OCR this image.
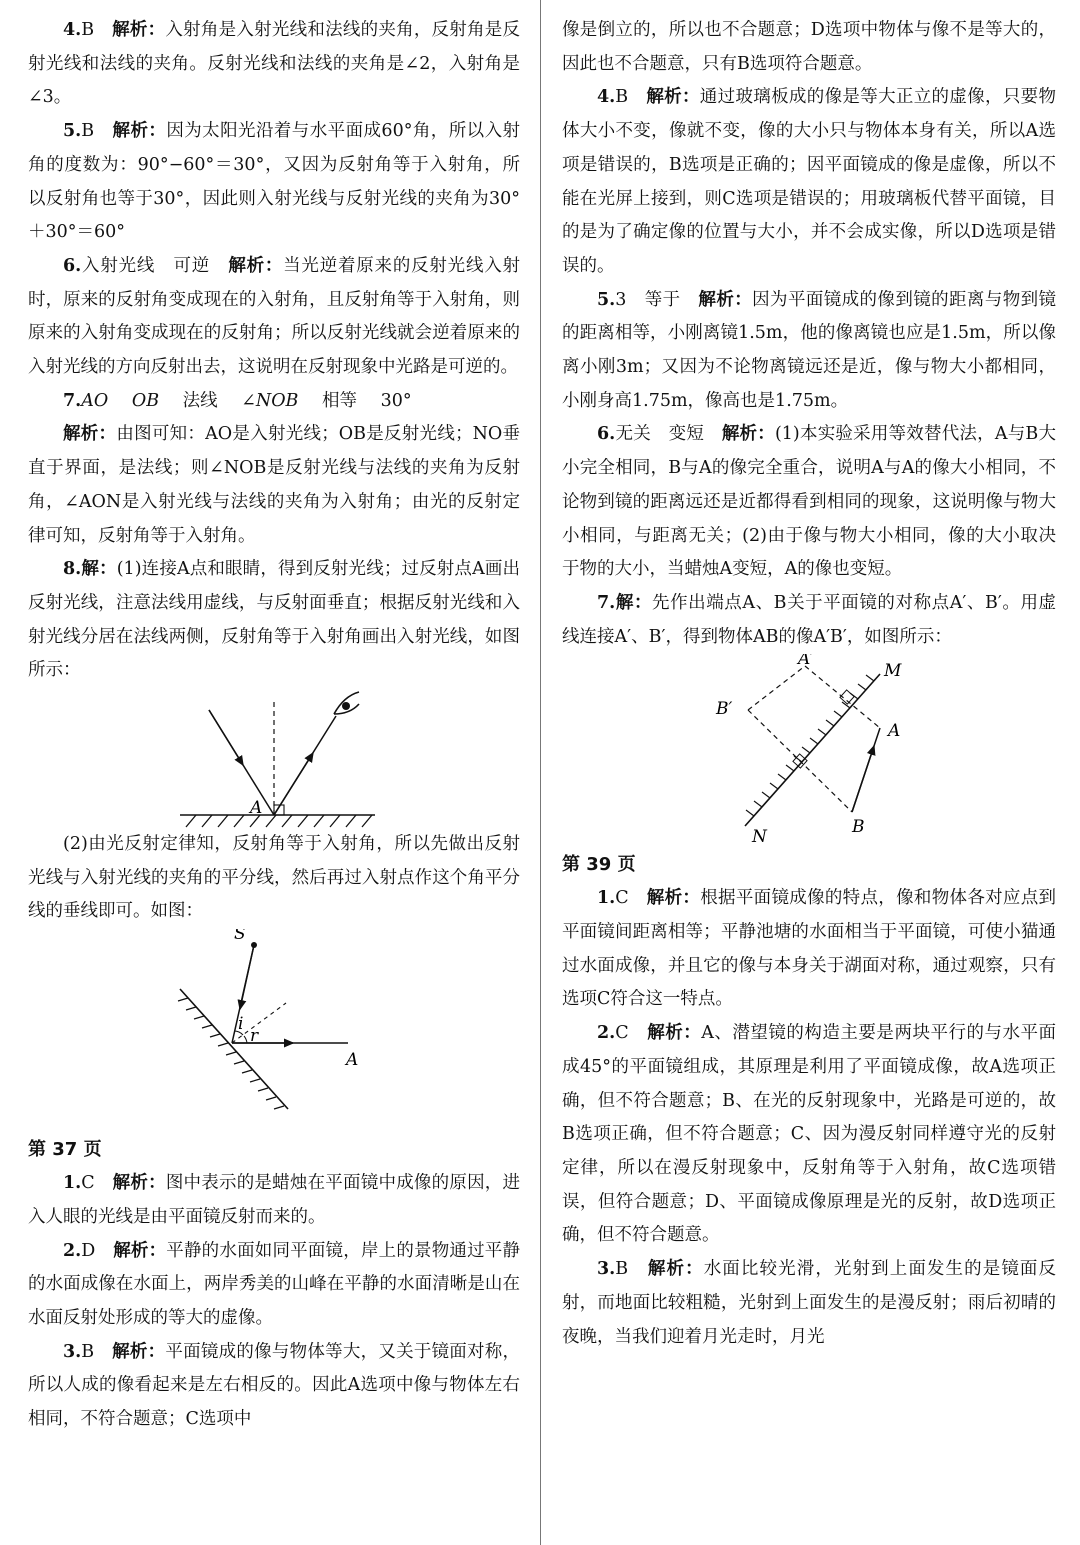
4.B　 解析：入射角是入射光线和法线的夹角，反射角是反射光线和法线的夹角。反射光线和法线的夹角是∠2，入射角是∠3。

5.B　 解析：因为太阳光沿着与水平面成60°角，所以入射角的度数为：90°−60°＝30°，又因为反射角等于入射角，所以反射角也等于30°，因此则入射光线与反射光线的夹角为30°＋30°＝60°

6.入射光线　可逆　 解析：当光逆着原来的反射光线入射时，原来的反射角变成现在的入射角，且反射角等于入射角，则原来的入射角变成现在的反射角；所以反射光线就会逆着原来的入射光线的方向反射出去，这说明在反射现象中光路是可逆的。

7.AO OB 法线 ∠NOB 相等 30°

解析：由图可知：AO是入射光线；OB是反射光线；NO垂直于界面，是法线；则∠NOB是反射光线与法线的夹角为反射角，∠AON是入射光线与法线的夹角为入射角；由光的反射定律可知，反射角等于入射角。

8.解：(1)连接A点和眼睛，得到反射光线；过反射点A画出反射光线，注意法线用虚线，与反射面垂直；根据反射光线和入射光线分居在法线两侧，反射角等于入射角画出入射光线，如图所示：

A

(2)由光反射定律知，反射角等于入射角，所以先做出反射光线与入射光线的夹角的平分线，然后再过入射点作这个角平分线的垂线即可。如图：

S
i
r
A
第 37 页

1.C　 解析：图中表示的是蜡烛在平面镜中成像的原因，进入人眼的光线是由平面镜反射而来的。

2.D　 解析：平静的水面如同平面镜，岸上的景物通过平静的水面成像在水面上，两岸秀美的山峰在平静的水面清晰是山在水面反射处形成的等大的虚像。

3.B　 解析：平面镜成的像与物体等大，又关于镜面对称，所以人成的像看起来是左右相反的。因此A选项中像与物体左右相同，不符合题意；C选项中

像是倒立的，所以也不合题意；D选项中物体与像不是等大的，因此也不合题意，只有B选项符合题意。

4.B　 解析：通过玻璃板成的像是等大正立的虚像，只要物体大小不变，像就不变，像的大小只与物体本身有关，所以A选项是错误的，B选项是正确的；因平面镜成的像是虚像，所以不能在光屏上接到，则C选项是错误的；用玻璃板代替平面镜，目的是为了确定像的位置与大小，并不会成实像，所以D选项是错误的。

5.3　等于　 解析：因为平面镜成的像到镜的距离与物到镜的距离相等，小刚离镜1.5m，他的像离镜也应是1.5m，所以像离小刚3m；又因为不论物离镜远还是近，像与物大小都相同，小刚身高1.75m，像高也是1.75m。

6.无关　变短　 解析：(1)本实验采用等效替代法，A与B大小完全相同，B与A的像完全重合，说明A与A的像大小相同，不论物到镜的距离远还是近都得看到相同的现象，这说明像与物大小相同，与距离无关；(2)由于像与物大小相同，像的大小取决于物的大小，当蜡烛A变短，A的像也变短。

7.解：先作出端点A、B关于平面镜的对称点A′、B′。用虚线连接A′、B′，得到物体AB的像A′B′，如图所示：

A′
B′
M
N
A
B
第 39 页

1.C　 解析：根据平面镜成像的特点，像和物体各对应点到平面镜间距离相等；平静池塘的水面相当于平面镜，可使小猫通过水面成像，并且它的像与本身关于湖面对称，通过观察，只有选项C符合这一特点。

2.C　 解析：A、潜望镜的构造主要是两块平行的与水平面成45°的平面镜组成，其原理是利用了平面镜成像，故A选项正确，但不符合题意；B、在光的反射现象中，光路是可逆的，故B选项正确，但不符合题意；C、因为漫反射同样遵守光的反射定律，所以在漫反射现象中，反射角等于入射角，故C选项错误，但符合题意；D、平面镜成像原理是光的反射，故D选项正确，但不符合题意。

3.B　 解析：水面比较光滑，光射到上面发生的是镜面反射，而地面比较粗糙，光射到上面发生的是漫反射；雨后初晴的夜晚，当我们迎着月光走时，月光
